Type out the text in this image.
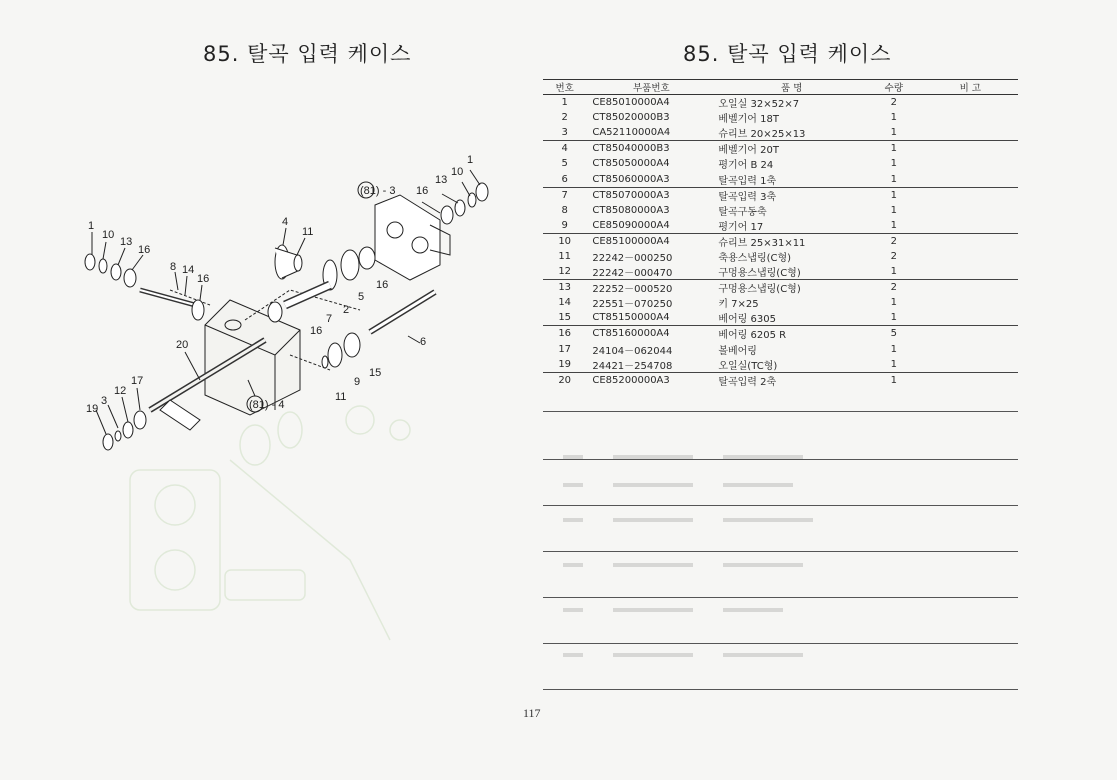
85. 탈곡 입력 케이스
1
10
13
16
8 14
16
4
11
2
5
16
7
16
6
20
17
12
3
19
15
9
11
16
13
10
1
(81) - 3
(81) - 4
85. 탈곡 입력 케이스
번호	부품번호	품 명	수량	비 고
1	CE85010000A4	오일실 32×52×7	2	
2	CT85020000B3	베벨기어 18T	1	
3	CA52110000A4	슈리브 20×25×13	1	
4	CT85040000B3	베벨기어 20T	1	
5	CT85050000A4	평기어 B 24	1	
6	CT85060000A3	탈곡입력 1축	1	
7	CT85070000A3	탈곡입력 3축	1	
8	CT85080000A3	탈곡구동축	1	
9	CE85090000A4	평기어 17	1	
10	CE85100000A4	슈리브 25×31×11	2	
11	22242－000250	축용스냅링(C형)	2	
12	22242－000470	구멍용스냅링(C형)	1	
13	22252－000520	구멍용스냅링(C형)	2	
14	22551－070250	키 7×25	1	
15	CT85150000A4	베어링 6305	1	
16	CT85160000A4	베어링 6205 R	5	
17	24104－062044	볼베어링	1	
19	24421－254708	오일실(TC형)	1	
20	CE85200000A3	탈곡입력 2축	1	
117
